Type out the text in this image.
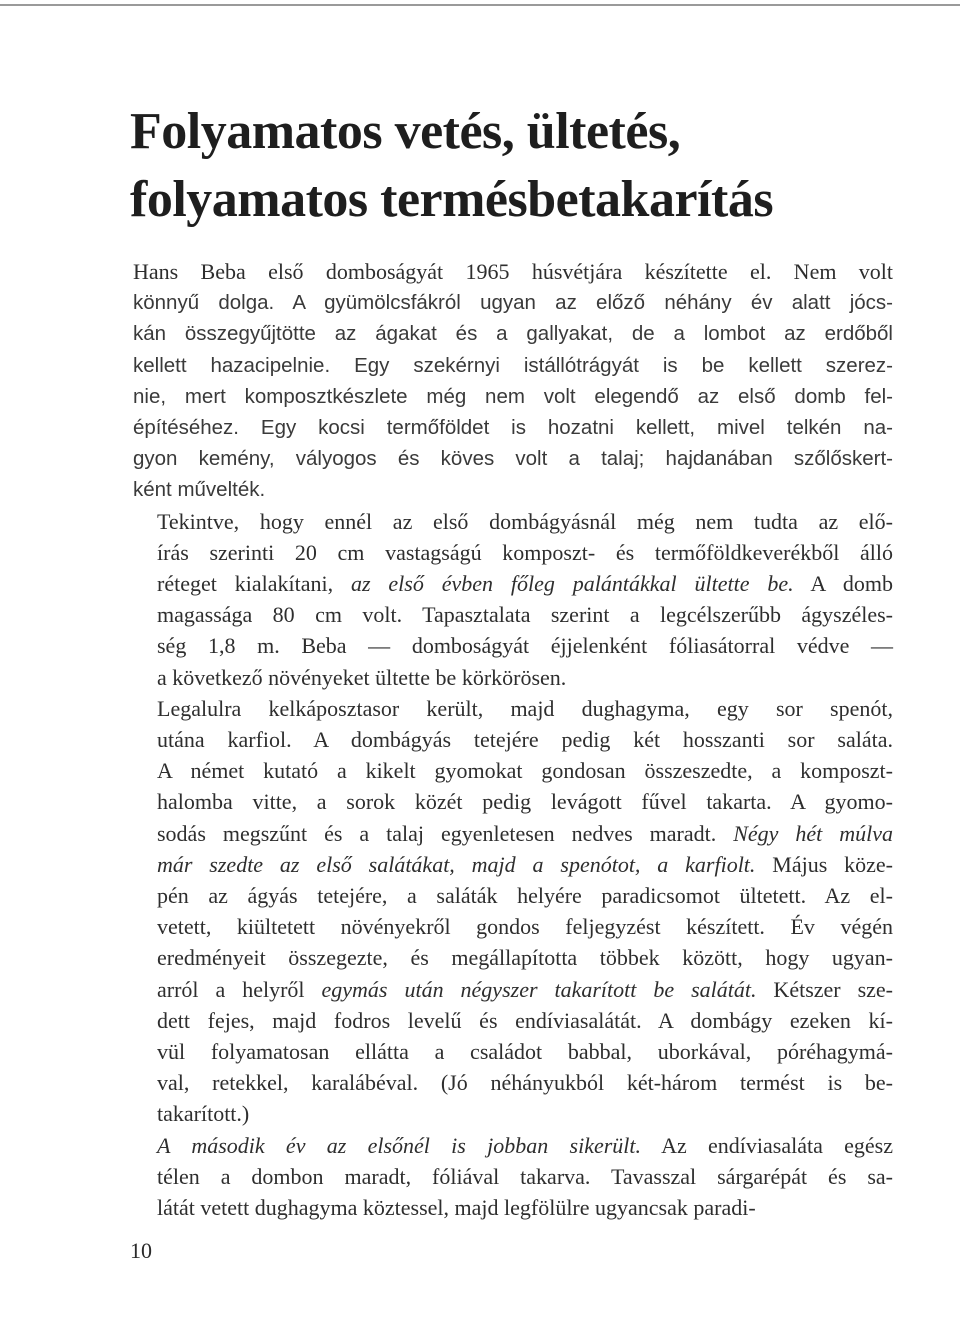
Folyamatos vetés, ültetés,
folyamatos termésbetakarítás

Hans Beba első domboságyát 1965 húsvétjára készítette el. Nem volt
könnyű dolga. A gyümölcsfákról ugyan az előző néhány év alatt jócs-
kán összegyűjtötte az ágakat és a gallyakat, de a lombot az erdőből
kellett hazacipelnie. Egy szekérnyi istállótrágyát is be kellett szerez-
nie, mert komposztkészlete még nem volt elegendő az első domb fel-
építéséhez. Egy kocsi termőföldet is hozatni kellett, mivel telkén na-
gyon kemény, vályogos és köves volt a talaj; hajdanában szőlőskert-
ként művelték.

Tekintve, hogy ennél az első dombágyásnál még nem tudta az elő-
írás szerinti 20 cm vastagságú komposzt- és termőföldkeverékből álló
réteget kialakítani, az első évben főleg palántákkal ültette be. A domb
magassága 80 cm volt. Tapasztalata szerint a legcélszerűbb ágyszéles-
ség 1,8 m. Beba — domboságyát éjjelenként fóliasátorral védve —
a következő növényeket ültette be körkörösen.

Legalulra kelkáposztasor került, majd dughagyma, egy sor spenót,
utána karfiol. A dombágyás tetejére pedig két hosszanti sor saláta.
A német kutató a kikelt gyomokat gondosan összeszedte, a komposzt-
halomba vitte, a sorok közét pedig levágott fűvel takarta. A gyomo-
sodás megszűnt és a talaj egyenletesen nedves maradt. Négy hét múlva
már szedte az első salátákat, majd a spenótot, a karfiolt. Május köze-
pén az ágyás tetejére, a saláták helyére paradicsomot ültetett. Az el-
vetett, kiültetett növényekről gondos feljegyzést készített. Év végén
eredményeit összegezte, és megállapította többek között, hogy ugyan-
arról a helyről egymás után négyszer takarított be salátát. Kétszer sze-
dett fejes, majd fodros levelű és endíviasalátát. A dombágy ezeken kí-
vül folyamatosan ellátta a családot babbal, uborkával, póréhagymá-
val, retekkel, karalábéval. (Jó néhányukból két-három termést is be-
takarított.)

A második év az elsőnél is jobban sikerült. Az endíviasaláta egész
télen a dombon maradt, fóliával takarva. Tavasszal sárgarépát és sa-
látát vetett dughagyma köztessel, majd legfölülre ugyancsak paradi-

10
